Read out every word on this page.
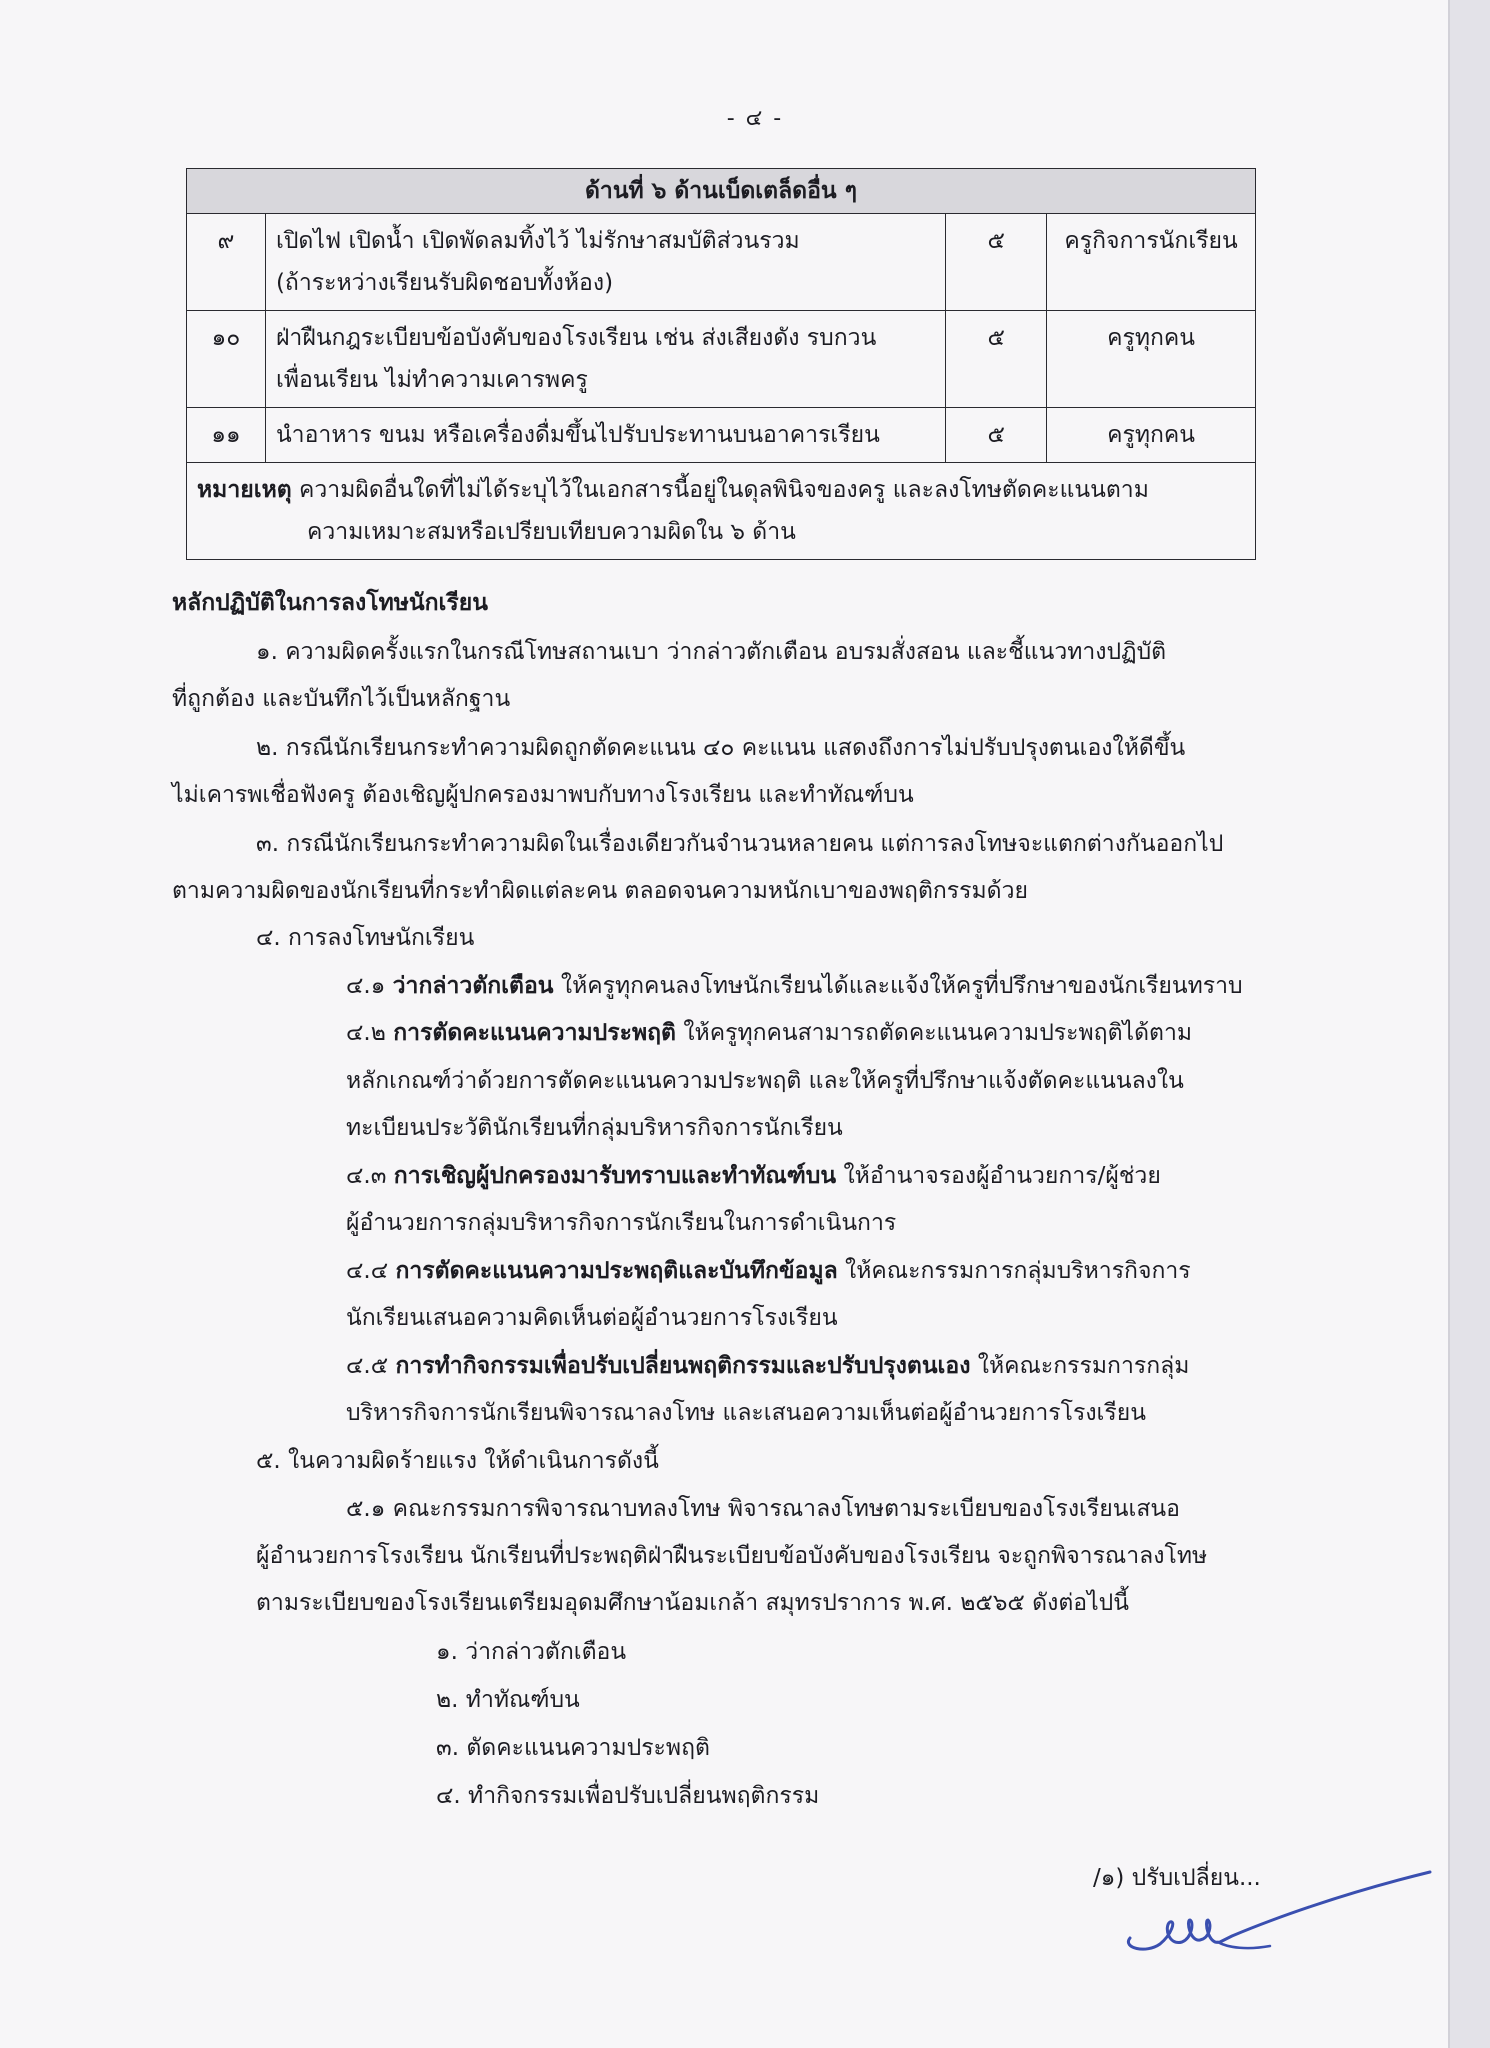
- ๔ -
ด้านที่ ๖ ด้านเบ็ดเตล็ดอื่น ๆ			
๙	เปิดไฟ เปิดน้ำ เปิดพัดลมทิ้งไว้ ไม่รักษาสมบัติส่วนรวม
(ถ้าระหว่างเรียนรับผิดชอบทั้งห้อง)	๕	ครูกิจการนักเรียน
๑๐	ฝ่าฝืนกฎระเบียบข้อบังคับของโรงเรียน เช่น ส่งเสียงดัง รบกวน
เพื่อนเรียน ไม่ทำความเคารพครู	๕	ครูทุกคน
๑๑	นำอาหาร ขนม หรือเครื่องดื่มขึ้นไปรับประทานบนอาคารเรียน	๕	ครูทุกคน
หมายเหตุ ความผิดอื่นใดที่ไม่ได้ระบุไว้ในเอกสารนี้อยู่ในดุลพินิจของครู และลงโทษตัดคะแนนตาม
ความเหมาะสมหรือเปรียบเทียบความผิดใน ๖ ด้าน			
หลักปฏิบัติในการลงโทษนักเรียน
๑. ความผิดครั้งแรกในกรณีโทษสถานเบา ว่ากล่าวตักเตือน อบรมสั่งสอน และชี้แนวทางปฏิบัติ
ที่ถูกต้อง และบันทึกไว้เป็นหลักฐาน
๒. กรณีนักเรียนกระทำความผิดถูกตัดคะแนน ๔๐ คะแนน แสดงถึงการไม่ปรับปรุงตนเองให้ดีขึ้น
ไม่เคารพเชื่อฟังครู ต้องเชิญผู้ปกครองมาพบกับทางโรงเรียน และทำทัณฑ์บน
๓. กรณีนักเรียนกระทำความผิดในเรื่องเดียวกันจำนวนหลายคน แต่การลงโทษจะแตกต่างกันออกไป
ตามความผิดของนักเรียนที่กระทำผิดแต่ละคน ตลอดจนความหนักเบาของพฤติกรรมด้วย
๔. การลงโทษนักเรียน
๔.๑ ว่ากล่าวตักเตือน ให้ครูทุกคนลงโทษนักเรียนได้และแจ้งให้ครูที่ปรึกษาของนักเรียนทราบ
๔.๒ การตัดคะแนนความประพฤติ ให้ครูทุกคนสามารถตัดคะแนนความประพฤติได้ตาม
หลักเกณฑ์ว่าด้วยการตัดคะแนนความประพฤติ และให้ครูที่ปรึกษาแจ้งตัดคะแนนลงใน
ทะเบียนประวัตินักเรียนที่กลุ่มบริหารกิจการนักเรียน
๔.๓ การเชิญผู้ปกครองมารับทราบและทำทัณฑ์บน ให้อำนาจรองผู้อำนวยการ/ผู้ช่วย
ผู้อำนวยการกลุ่มบริหารกิจการนักเรียนในการดำเนินการ
๔.๔ การตัดคะแนนความประพฤติและบันทึกข้อมูล ให้คณะกรรมการกลุ่มบริหารกิจการ
นักเรียนเสนอความคิดเห็นต่อผู้อำนวยการโรงเรียน
๔.๕ การทำกิจกรรมเพื่อปรับเปลี่ยนพฤติกรรมและปรับปรุงตนเอง ให้คณะกรรมการกลุ่ม
บริหารกิจการนักเรียนพิจารณาลงโทษ และเสนอความเห็นต่อผู้อำนวยการโรงเรียน
๕. ในความผิดร้ายแรง ให้ดำเนินการดังนี้
๕.๑ คณะกรรมการพิจารณาบทลงโทษ พิจารณาลงโทษตามระเบียบของโรงเรียนเสนอ
ผู้อำนวยการโรงเรียน นักเรียนที่ประพฤติฝ่าฝืนระเบียบข้อบังคับของโรงเรียน จะถูกพิจารณาลงโทษ
ตามระเบียบของโรงเรียนเตรียมอุดมศึกษาน้อมเกล้า สมุทรปราการ พ.ศ. ๒๕๖๕ ดังต่อไปนี้
๑. ว่ากล่าวตักเตือน
๒. ทำทัณฑ์บน
๓. ตัดคะแนนความประพฤติ
๔. ทำกิจกรรมเพื่อปรับเปลี่ยนพฤติกรรม
/๑) ปรับเปลี่ยน...
